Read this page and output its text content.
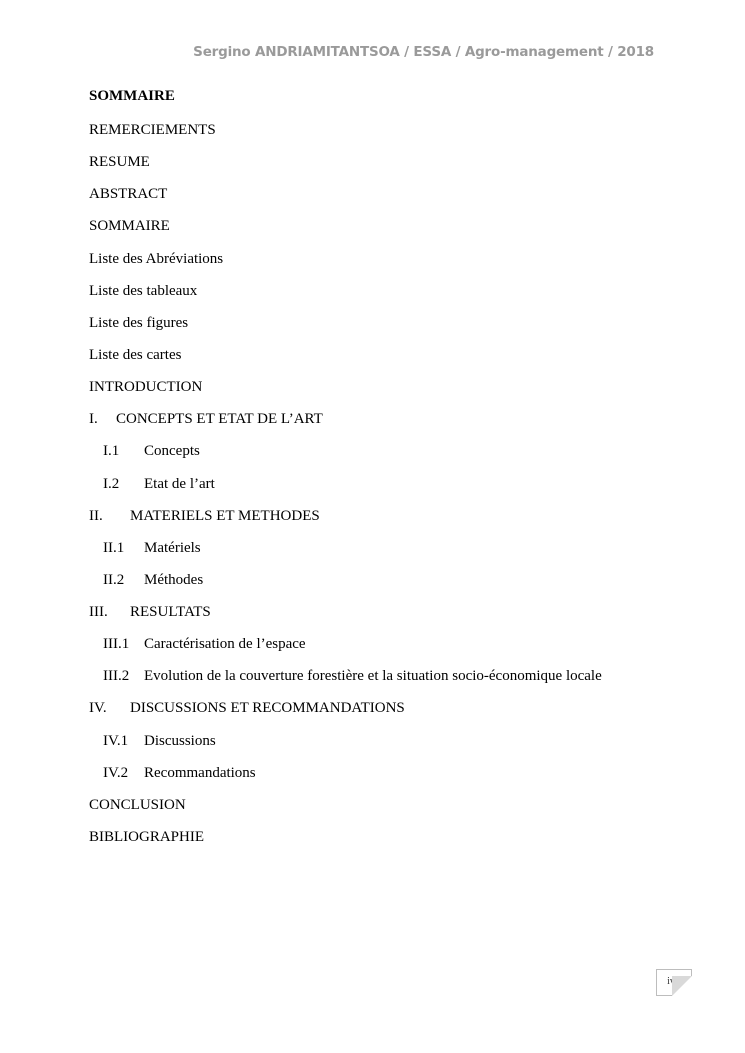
Sergino ANDRIAMITANTSOA / ESSA / Agro-management / 2018
SOMMAIRE
REMERCIEMENTS
RESUME
ABSTRACT
SOMMAIRE
Liste des Abréviations
Liste des tableaux
Liste des figures
Liste des cartes
INTRODUCTION
I. CONCEPTS ET ETAT DE L’ART
I.1 Concepts
I.2 Etat de l’art
II. MATERIELS ET METHODES
II.1 Matériels
II.2 Méthodes
III. RESULTATS
III.1 Caractérisation de l’espace
III.2 Evolution de la couverture forestière et la situation socio-économique locale
IV. DISCUSSIONS ET RECOMMANDATIONS
IV.1 Discussions
IV.2 Recommandations
CONCLUSION
BIBLIOGRAPHIE
iv
